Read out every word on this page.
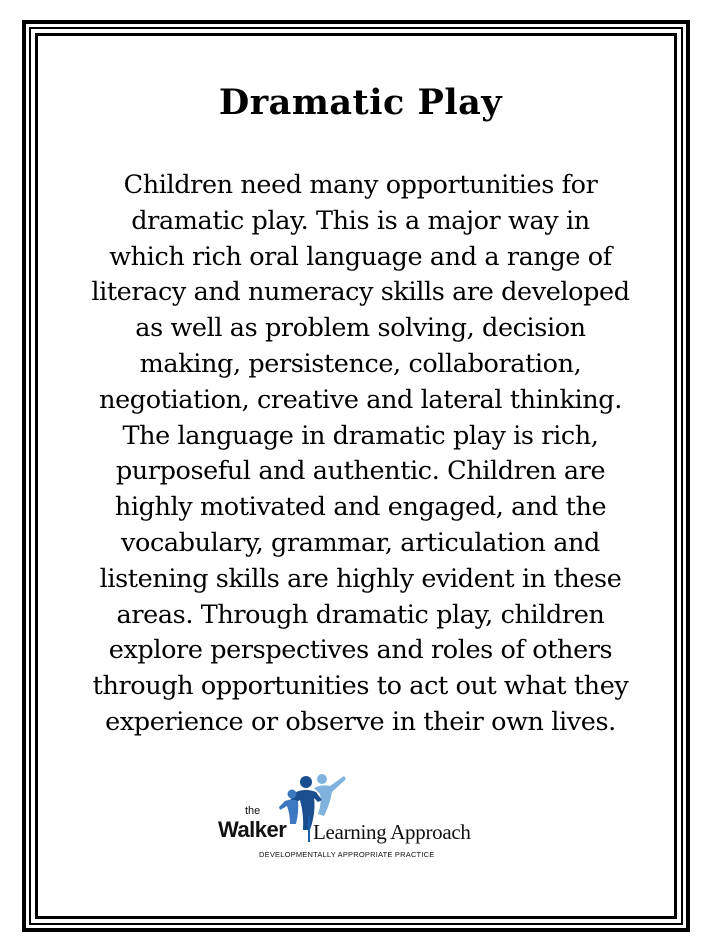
Dramatic Play

Children need many opportunities for
dramatic play. This is a major way in
which rich oral language and a range of
literacy and numeracy skills are developed
as well as problem solving, decision
making, persistence, collaboration,
negotiation, creative and lateral thinking.
The language in dramatic play is rich,
purposeful and authentic. Children are
highly motivated and engaged, and the
vocabulary, grammar, articulation and
listening skills are highly evident in these
areas. Through dramatic play, children
explore perspectives and roles of others
through opportunities to act out what they
experience or observe in their own lives.

the
Walker Learning Approach
DEVELOPMENTALLY APPROPRIATE PRACTICE
